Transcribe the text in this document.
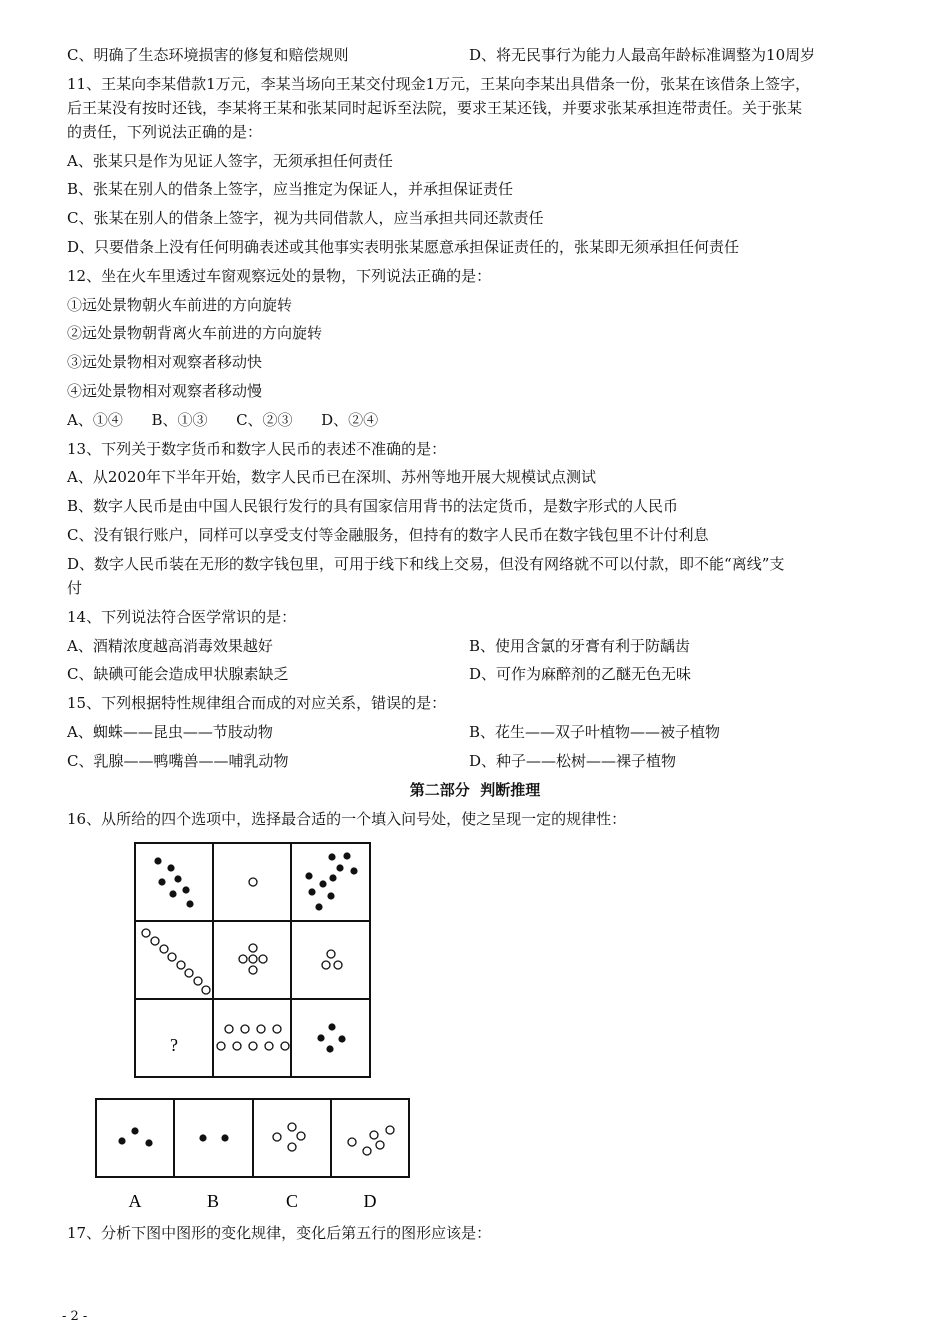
C、明确了生态环境损害的修复和赔偿规则	D、将无民事行为能力人最高年龄标准调整为10周岁
11、王某向李某借款1万元，李某当场向王某交付现金1万元，王某向李某出具借条一份，张某在该借条上签字，
后王某没有按时还钱，李某将王某和张某同时起诉至法院，要求王某还钱，并要求张某承担连带责任。关于张某
的责任，下列说法正确的是：
A、张某只是作为见证人签字，无须承担任何责任
B、张某在别人的借条上签字，应当推定为保证人，并承担保证责任
C、张某在别人的借条上签字，视为共同借款人，应当承担共同还款责任
D、只要借条上没有任何明确表述或其他事实表明张某愿意承担保证责任的，张某即无须承担任何责任
12、坐在火车里透过车窗观察远处的景物，下列说法正确的是：
①远处景物朝火车前进的方向旋转
②远处景物朝背离火车前进的方向旋转
③远处景物相对观察者移动快
④远处景物相对观察者移动慢
A、①④      B、①③      C、②③      D、②④
13、下列关于数字货币和数字人民币的表述不准确的是：
A、从2020年下半年开始，数字人民币已在深圳、苏州等地开展大规模试点测试
B、数字人民币是由中国人民银行发行的具有国家信用背书的法定货币，是数字形式的人民币
C、没有银行账户，同样可以享受支付等金融服务，但持有的数字人民币在数字钱包里不计付利息
D、数字人民币装在无形的数字钱包里，可用于线下和线上交易，但没有网络就不可以付款，即不能“离线”支
付
14、下列说法符合医学常识的是：
A、酒精浓度越高消毒效果越好	B、使用含氯的牙膏有利于防龋齿
C、缺碘可能会造成甲状腺素缺乏	D、可作为麻醉剂的乙醚无色无味
15、下列根据特性规律组合而成的对应关系，错误的是：
A、蜘蛛——昆虫——节肢动物	B、花生——双子叶植物——被子植物
C、乳腺——鸭嘴兽——哺乳动物	D、种子——松树——裸子植物
第二部分  判断推理
16、从所给的四个选项中，选择最合适的一个填入问号处，使之呈现一定的规律性：
?
A	B	C	D
17、分析下图中图形的变化规律，变化后第五行的图形应该是：
- 2 -
